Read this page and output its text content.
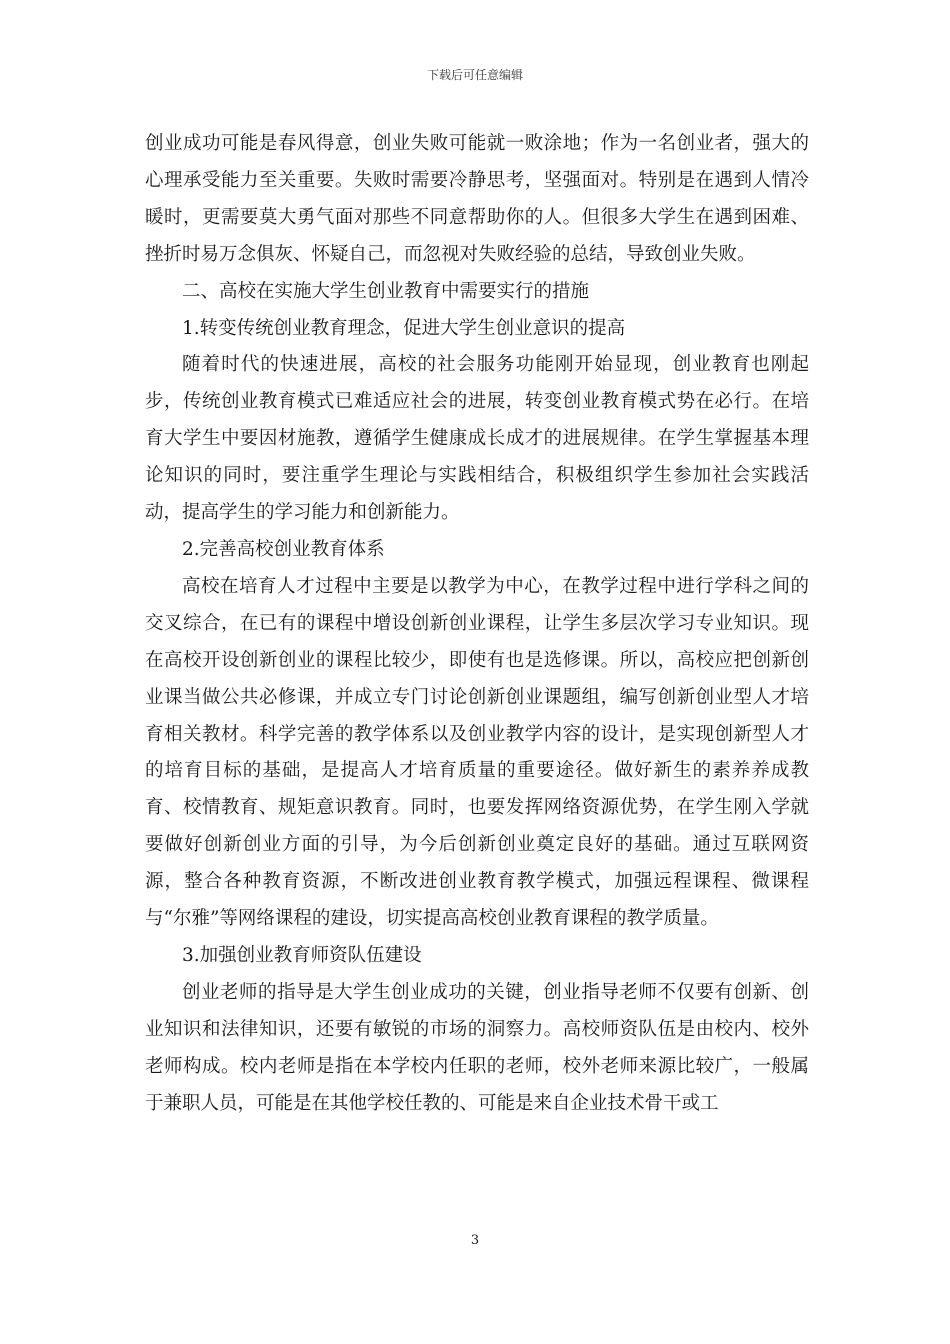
下载后可任意编辑

创业成功可能是春风得意，创业失败可能就一败涂地；作为一名创业者，强大的心理承受能力至关重要。失败时需要冷静思考，坚强面对。特别是在遇到人情冷暖时，更需要莫大勇气面对那些不同意帮助你的人。但很多大学生在遇到困难、挫折时易万念俱灰、怀疑自己，而忽视对失败经验的总结，导致创业失败。

二、高校在实施大学生创业教育中需要实行的措施

1.转变传统创业教育理念，促进大学生创业意识的提高

随着时代的快速进展，高校的社会服务功能刚开始显现，创业教育也刚起步，传统创业教育模式已难适应社会的进展，转变创业教育模式势在必行。在培育大学生中要因材施教，遵循学生健康成长成才的进展规律。在学生掌握基本理论知识的同时，要注重学生理论与实践相结合，积极组织学生参加社会实践活动，提高学生的学习能力和创新能力。

2.完善高校创业教育体系

高校在培育人才过程中主要是以教学为中心，在教学过程中进行学科之间的交叉综合，在已有的课程中增设创新创业课程，让学生多层次学习专业知识。现在高校开设创新创业的课程比较少，即使有也是选修课。所以，高校应把创新创业课当做公共必修课，并成立专门讨论创新创业课题组，编写创新创业型人才培育相关教材。科学完善的教学体系以及创业教学内容的设计，是实现创新型人才的培育目标的基础，是提高人才培育质量的重要途径。做好新生的素养养成教育、校情教育、规矩意识教育。同时，也要发挥网络资源优势，在学生刚入学就要做好创新创业方面的引导，为今后创新创业奠定良好的基础。通过互联网资源，整合各种教育资源，不断改进创业教育教学模式，加强远程课程、微课程与“尔雅”等网络课程的建设，切实提高高校创业教育课程的教学质量。

3.加强创业教育师资队伍建设

创业老师的指导是大学生创业成功的关键，创业指导老师不仅要有创新、创业知识和法律知识，还要有敏锐的市场的洞察力。高校师资队伍是由校内、校外老师构成。校内老师是指在本学校内任职的老师，校外老师来源比较广，一般属于兼职人员，可能是在其他学校任教的、可能是来自企业技术骨干或工

3
